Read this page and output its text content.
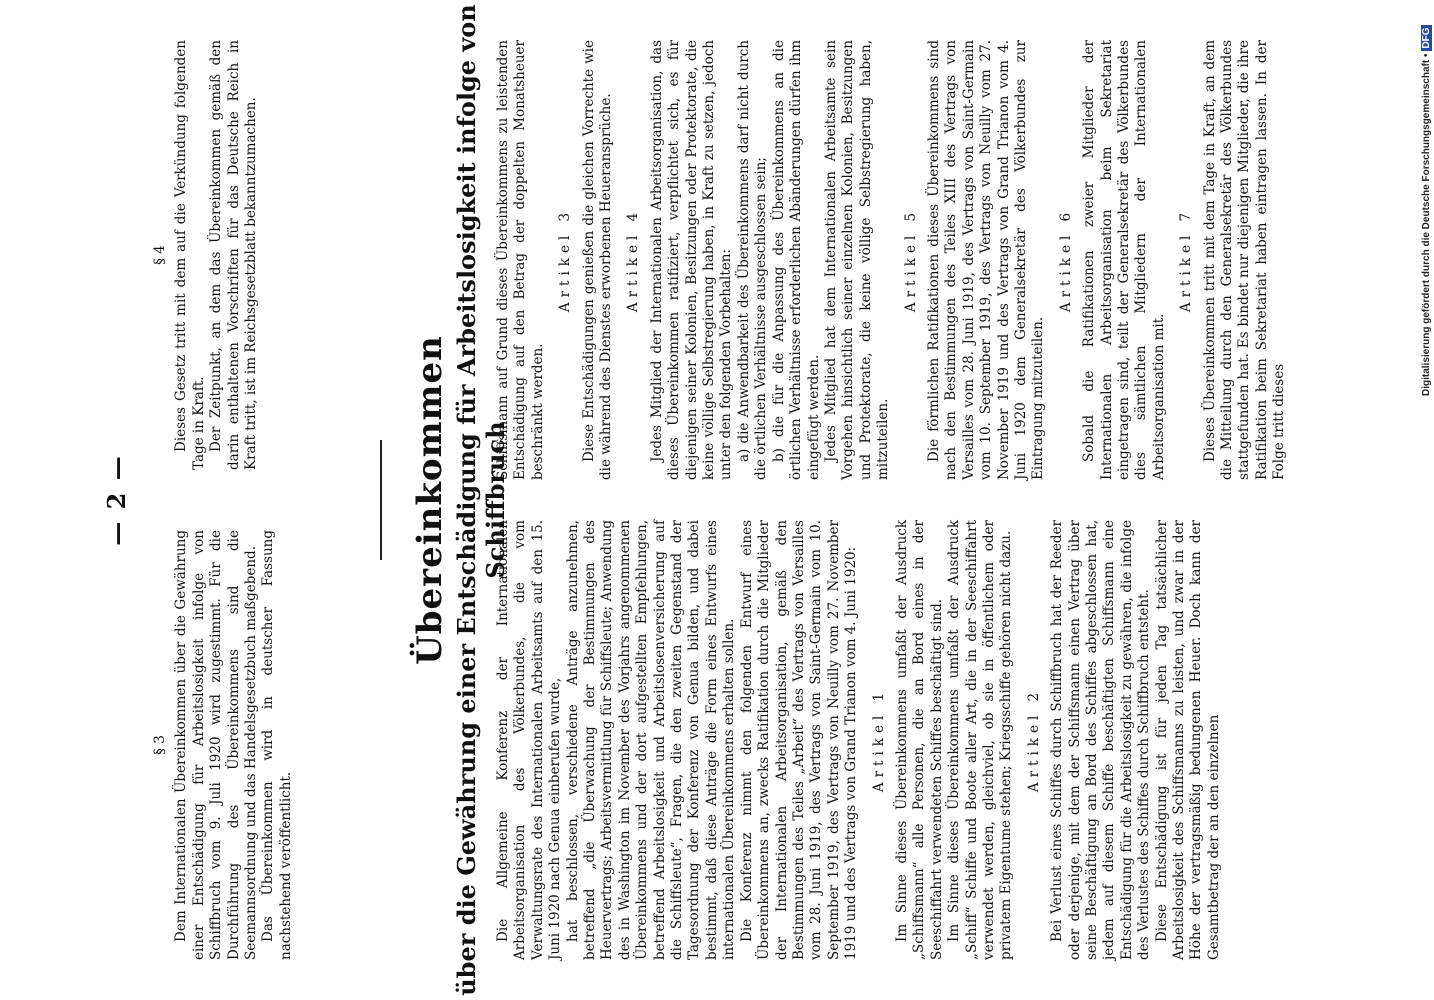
— 2 —
§ 3 Dem Internationalen Übereinkommen über die Gewährung einer Entschädigung für Arbeitslosigkeit infolge von Schiffbruch vom 9. Juli 1920 wird zugestimmt. Für die Durchführung des Übereinkommens sind die Seemannsordnung und das Handelsgesetzbuch maßgebend. Das Übereinkommen wird in deutscher Fassung nachstehend veröffentlicht.

§ 4 Dieses Gesetz tritt mit dem auf die Verkündung folgenden Tage in Kraft. Der Zeitpunkt, an dem das Übereinkommen gemäß den darin enthaltenen Vorschriften für das Deutsche Reich in Kraft tritt, ist im Reichsgesetzblatt bekanntzumachen.

Übereinkommen über die Gewährung einer Entschädigung für Arbeitslosigkeit infolge von Schiffbruch

Die Allgemeine Konferenz der Internationalen Arbeitsorganisation des Völkerbundes, die vom Verwaltungsrate des Internationalen Arbeitsamts auf den 15. Juni 1920 nach Genua einberufen wurde, hat beschlossen, verschiedene Anträge anzunehmen, betreffend „die Überwachung der Bestimmungen des Heuervertrags; Arbeitsvermittlung für Schiffsleute; Anwendung des in Washington im November des Vorjahrs angenommenen Übereinkommens und der dort aufgestellten Empfehlungen, betreffend Arbeitslosigkeit und Arbeitslosenversicherung auf die Schiffsleute“, Fragen, die den zweiten Gegenstand der Tagesordnung der Konferenz von Genua bilden, und dabei bestimmt, daß diese Anträge die Form eines Entwurfs eines internationalen Übereinkommens erhalten sollen. Die Konferenz nimmt den folgenden Entwurf eines Übereinkommens an, zwecks Ratifikation durch die Mitglieder der Internationalen Arbeitsorganisation, gemäß den Bestimmungen des Teiles „Arbeit“ des Vertrags von Versailles vom 28. Juni 1919, des Vertrags von Saint-Germain vom 10. September 1919, des Vertrags von Neuilly vom 27. November 1919 und des Vertrags von Grand Trianon vom 4. Juni 1920: Artikel 1 Im Sinne dieses Übereinkommens umfaßt der Ausdruck „Schiffsmann“ alle Personen, die an Bord eines in der Seeschiffahrt verwendeten Schiffes beschäftigt sind. Im Sinne dieses Übereinkommens umfaßt der Ausdruck „Schiff“ Schiffe und Boote aller Art, die in der Seeschiffahrt verwendet werden, gleichviel, ob sie in öffentlichem oder privatem Eigentume stehen; Kriegsschiffe gehören nicht dazu. Artikel 2 Bei Verlust eines Schiffes durch Schiffbruch hat der Reeder oder derjenige, mit dem der Schiffsmann einen Vertrag über seine Beschäftigung an Bord des Schiffes abgeschlossen hat, jedem auf diesem Schiffe beschäftigten Schiffsmann eine Entschädigung für die Arbeitslosigkeit zu gewähren, die infolge des Verlustes des Schiffes durch Schiffbruch entsteht. Diese Entschädigung ist für jeden Tag tatsächlicher Arbeitslosigkeit des Schiffsmanns zu leisten, und zwar in der Höhe der vertragsmäßig bedungenen Heuer. Doch kann der Gesamtbetrag der an den einzelnen

Schiffsmann auf Grund dieses Übereinkommens zu leistenden Entschädigung auf den Betrag der doppelten Monatsheuer beschränkt werden.

Artikel 3 Diese Entschädigungen genießen die gleichen Vorrechte wie die während des Dienstes erworbenen Heueransprüche. Artikel 4 Jedes Mitglied der Internationalen Arbeitsorganisation, das dieses Übereinkommen ratifiziert, verpflichtet sich, es für diejenigen seiner Kolonien, Besitzungen oder Protektorate, die keine völlige Selbstregierung haben, in Kraft zu setzen, jedoch unter den folgenden Vorbehalten: a) die Anwendbarkeit des Übereinkommens darf nicht durch die örtlichen Verhältnisse ausgeschlossen sein; b) die für die Anpassung des Übereinkommens an die örtlichen Verhältnisse erforderlichen Abänderungen dürfen ihm eingefügt werden. Jedes Mitglied hat dem Internationalen Arbeitsamte sein Vorgehen hinsichtlich seiner einzelnen Kolonien, Besitzungen und Protektorate, die keine völlige Selbstregierung haben, mitzuteilen.

Artikel 5 Die förmlichen Ratifikationen dieses Übereinkommens sind nach den Bestimmungen des Teiles XIII des Vertrags von Versailles vom 28. Juni 1919, des Vertrags von Saint-Germain vom 10. September 1919, des Vertrags von Neuilly vom 27. November 1919 und des Vertrags von Grand Trianon vom 4. Juni 1920 dem Generalsekretär des Völkerbundes zur Eintragung mitzuteilen.

Artikel 6 Sobald die Ratifikationen zweier Mitglieder der Internationalen Arbeitsorganisation beim Sekretariat eingetragen sind, teilt der Generalsekretär des Völkerbundes dies sämtlichen Mitgliedern der Internationalen Arbeitsorganisation mit.

Artikel 7 Dieses Übereinkommen tritt mit dem Tage in Kraft, an dem die Mitteilung durch den Generalsekretär des Völkerbundes stattgefunden hat. Es bindet nur diejenigen Mitglieder, die ihre Ratifikation beim Sekretariat haben eintragen lassen. In der Folge tritt dieses

Digitalisierung gefördert durch die Deutsche Forschungsgemeinschaft •DFG
